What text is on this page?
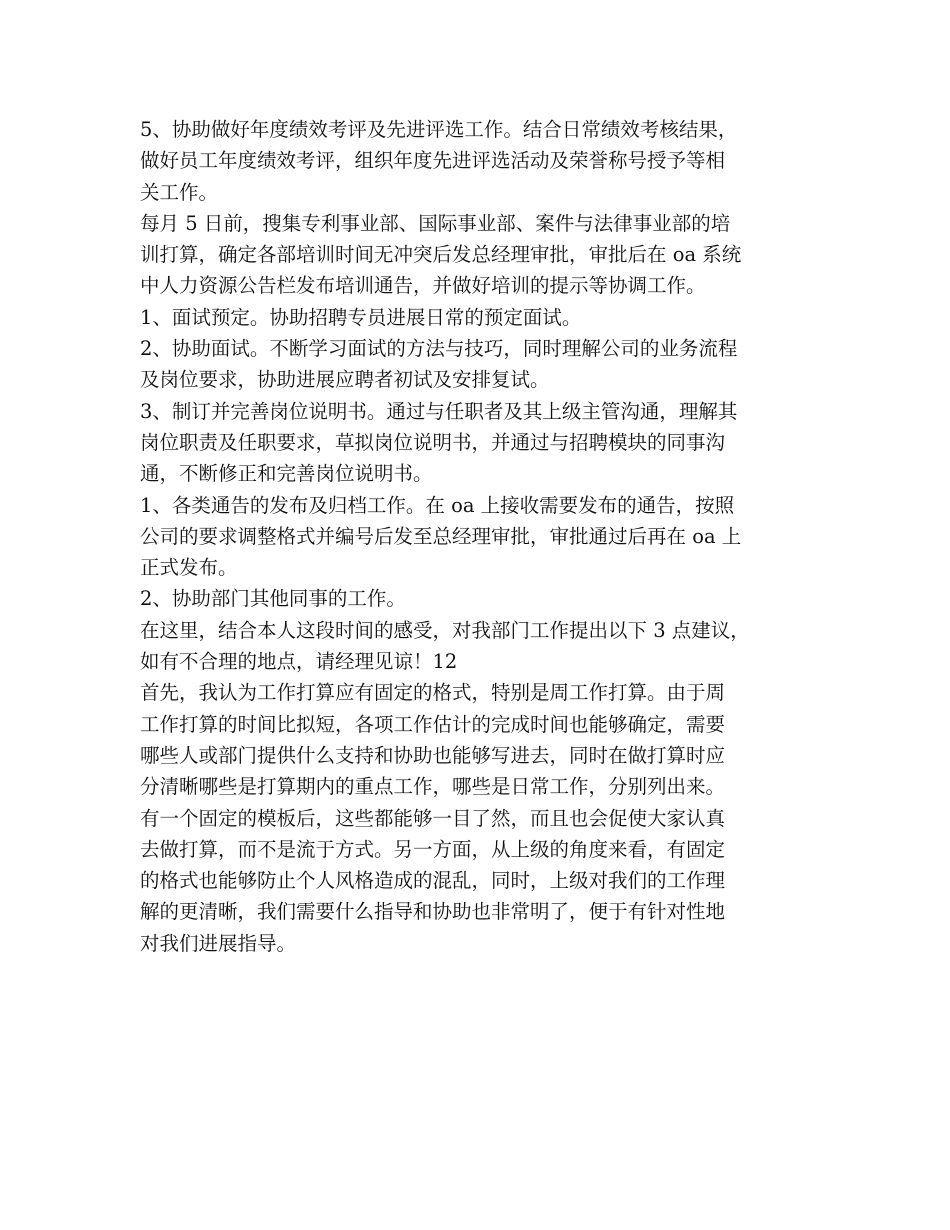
5、协助做好年度绩效考评及先进评选工作。结合日常绩效考核结果，

做好员工年度绩效考评，组织年度先进评选活动及荣誉称号授予等相

关工作。

每月 5 日前，搜集专利事业部、国际事业部、案件与法律事业部的培

训打算，确定各部培训时间无冲突后发总经理审批，审批后在 oa 系统

中人力资源公告栏发布培训通告，并做好培训的提示等协调工作。

1、面试预定。协助招聘专员进展日常的预定面试。

2、协助面试。不断学习面试的方法与技巧，同时理解公司的业务流程

及岗位要求，协助进展应聘者初试及安排复试。

3、制订并完善岗位说明书。通过与任职者及其上级主管沟通，理解其

岗位职责及任职要求，草拟岗位说明书，并通过与招聘模块的同事沟

通，不断修正和完善岗位说明书。

1、各类通告的发布及归档工作。在 oa 上接收需要发布的通告，按照

公司的要求调整格式并编号后发至总经理审批，审批通过后再在 oa 上

正式发布。

2、协助部门其他同事的工作。

在这里，结合本人这段时间的感受，对我部门工作提出以下 3 点建议，

如有不合理的地点，请经理见谅！12

首先，我认为工作打算应有固定的格式，特别是周工作打算。由于周

工作打算的时间比拟短，各项工作估计的完成时间也能够确定，需要

哪些人或部门提供什么支持和协助也能够写进去，同时在做打算时应

分清晰哪些是打算期内的重点工作，哪些是日常工作，分别列出来。

有一个固定的模板后，这些都能够一目了然，而且也会促使大家认真

去做打算，而不是流于方式。另一方面，从上级的角度来看，有固定

的格式也能够防止个人风格造成的混乱，同时，上级对我们的工作理

解的更清晰，我们需要什么指导和协助也非常明了，便于有针对性地

对我们进展指导。
